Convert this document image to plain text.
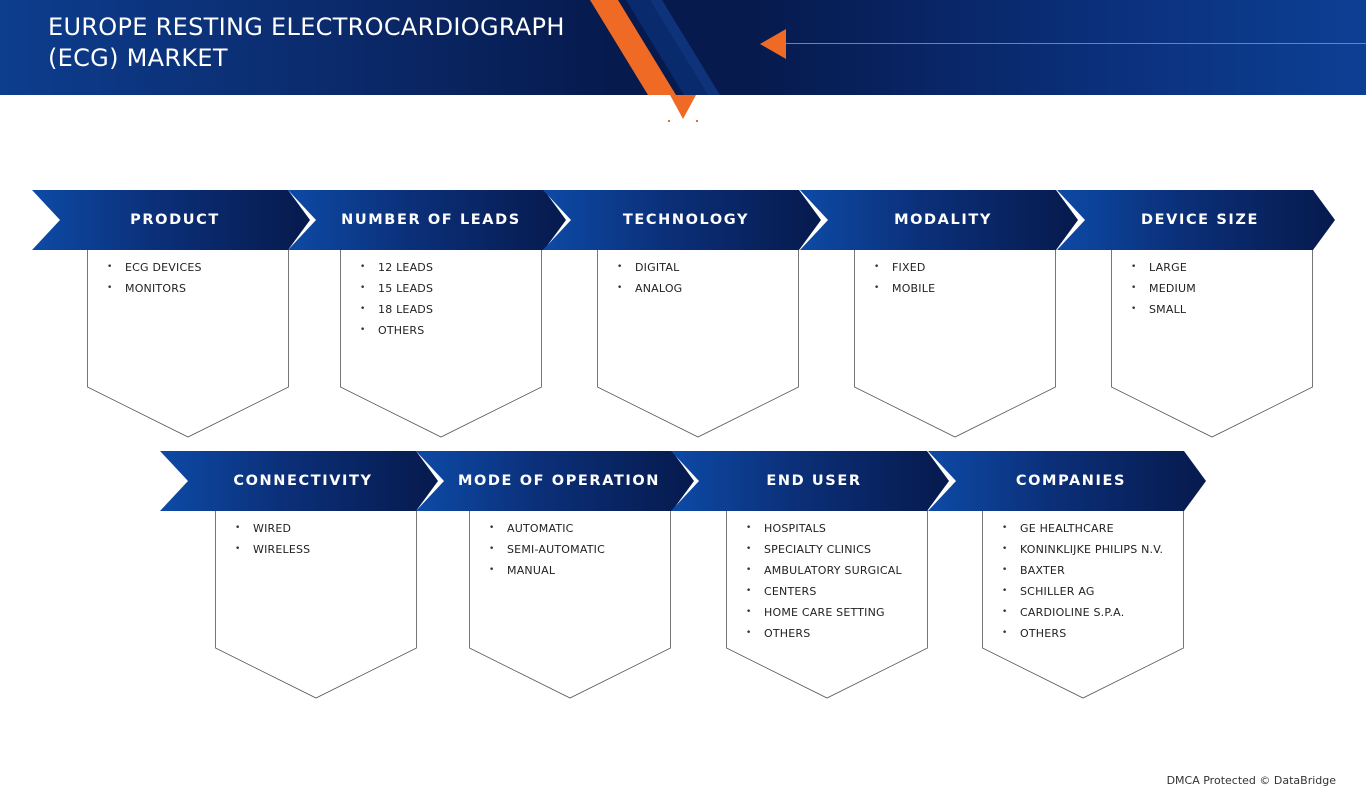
EUROPE RESTING ELECTROCARDIOGRAPH (ECG) MARKET
• ECG DEVICES
• MONITORS
• 12 LEADS
• 15 LEADS
• 18 LEADS
• OTHERS
• DIGITAL
• ANALOG
• FIXED
• MOBILE
• LARGE
• MEDIUM
• SMALL
• WIRED
• WIRELESS
• AUTOMATIC
• SEMI-AUTOMATIC
• MANUAL
• HOSPITALS
• SPECIALTY CLINICS
• AMBULATORY SURGICAL
• CENTERS
• HOME CARE SETTING
• OTHERS
• GE HEALTHCARE
• KONINKLIJKE PHILIPS N.V.
• BAXTER
• SCHILLER AG
• CARDIOLINE S.P.A.
• OTHERS
PRODUCT	NUMBER OF LEADS	TECHNOLOGY	MODALITY	DEVICE SIZE
CONNECTIVITY	MODE OF OPERATION	END USER	COMPANIES
DMCA Protected © DataBridge
